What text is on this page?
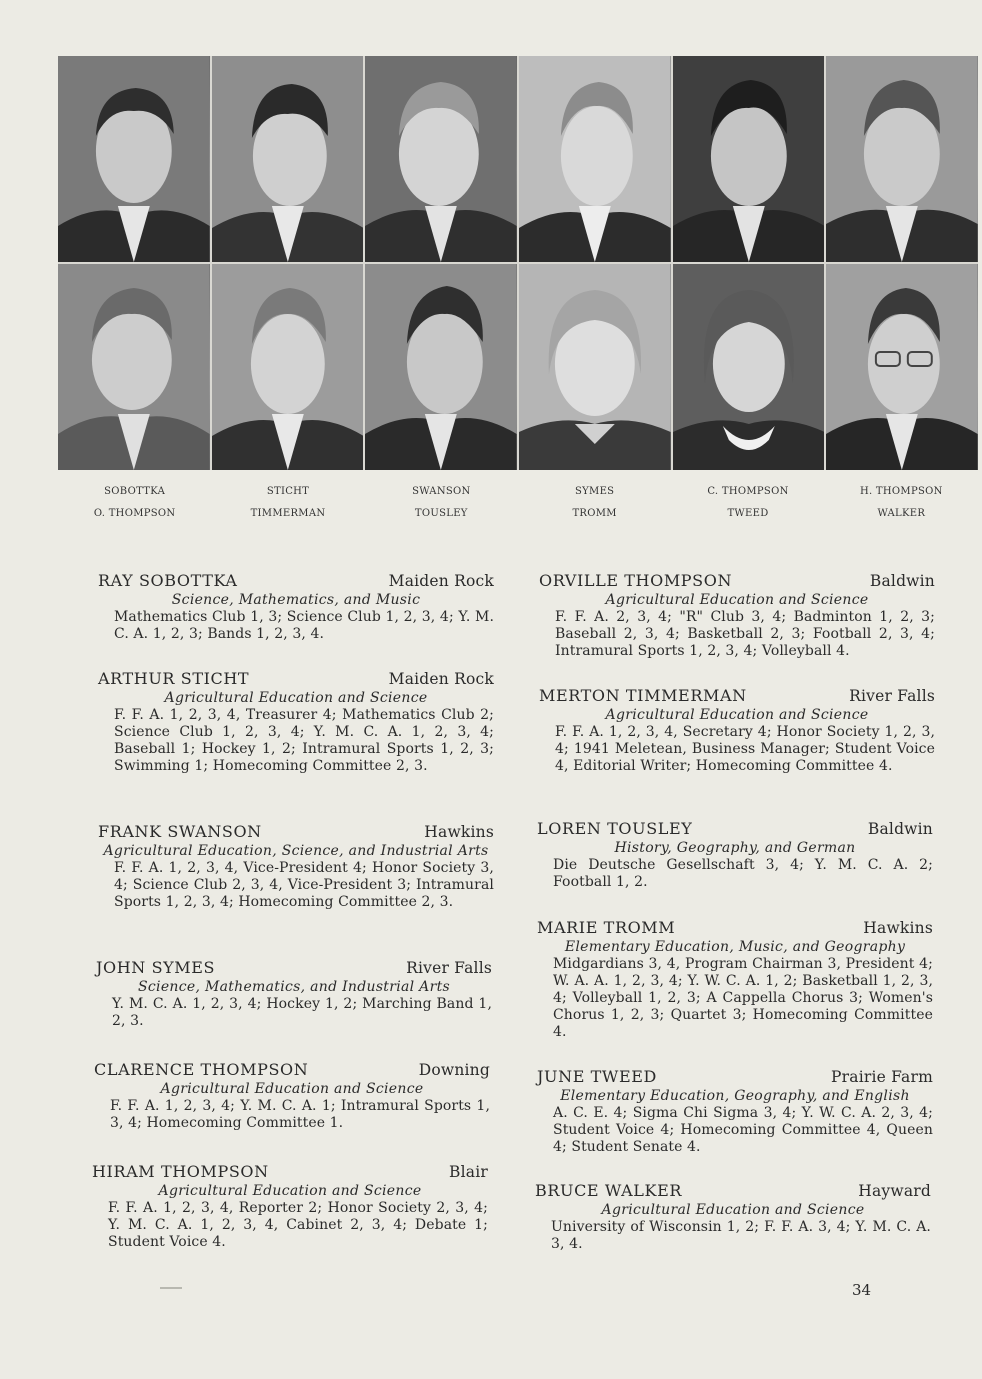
SOBOTTKA	STICHT	SWANSON	SYMES	C. THOMPSON	H. THOMPSON
O. THOMPSON	TIMMERMAN	TOUSLEY	TROMM	TWEED	WALKER
RAY SOBOTTKA	Maiden Rock
Science, Mathematics, and Music
Mathematics Club 1, 3; Science Club 1, 2, 3, 4; Y. M. C. A. 1, 2, 3; Bands 1, 2, 3, 4.
ARTHUR STICHT	Maiden Rock
Agricultural Education and Science
F. F. A. 1, 2, 3, 4, Treasurer 4; Mathematics Club 2; Science Club 1, 2, 3, 4; Y. M. C. A. 1, 2, 3, 4; Baseball 1; Hockey 1, 2; Intramural Sports 1, 2, 3; Swimming 1; Homecoming Committee 2, 3.
FRANK SWANSON	Hawkins
Agricultural Education, Science, and Industrial Arts
F. F. A. 1, 2, 3, 4, Vice-President 4; Honor Society 3, 4; Science Club 2, 3, 4, Vice-President 3; Intramural Sports 1, 2, 3, 4; Homecoming Committee 2, 3.
JOHN SYMES	River Falls
Science, Mathematics, and Industrial Arts
Y. M. C. A. 1, 2, 3, 4; Hockey 1, 2; Marching Band 1, 2, 3.
CLARENCE THOMPSON	Downing
Agricultural Education and Science
F. F. A. 1, 2, 3, 4; Y. M. C. A. 1; Intramural Sports 1, 3, 4; Homecoming Committee 1.
HIRAM THOMPSON	Blair
Agricultural Education and Science
F. F. A. 1, 2, 3, 4, Reporter 2; Honor Society 2, 3, 4; Y. M. C. A. 1, 2, 3, 4, Cabinet 2, 3, 4; Debate 1; Student Voice 4.
ORVILLE THOMPSON	Baldwin
Agricultural Education and Science
F. F. A. 2, 3, 4; "R" Club 3, 4; Badminton 1, 2, 3; Baseball 2, 3, 4; Basketball 2, 3; Football 2, 3, 4; Intramural Sports 1, 2, 3, 4; Volleyball 4.
MERTON TIMMERMAN	River Falls
Agricultural Education and Science
F. F. A. 1, 2, 3, 4, Secretary 4; Honor Society 1, 2, 3, 4; 1941 Meletean, Business Manager; Student Voice 4, Editorial Writer; Homecoming Committee 4.
LOREN TOUSLEY	Baldwin
History, Geography, and German
Die Deutsche Gesellschaft 3, 4; Y. M. C. A. 2; Football 1, 2.
MARIE TROMM	Hawkins
Elementary Education, Music, and Geography
Midgardians 3, 4, Program Chairman 3, President 4; W. A. A. 1, 2, 3, 4; Y. W. C. A. 1, 2; Basketball 1, 2, 3, 4; Volleyball 1, 2, 3; A Cappella Chorus 3; Women's Chorus 1, 2, 3; Quartet 3; Homecoming Committee 4.
JUNE TWEED	Prairie Farm
Elementary Education, Geography, and English
A. C. E. 4; Sigma Chi Sigma 3, 4; Y. W. C. A. 2, 3, 4; Student Voice 4; Homecoming Committee 4, Queen 4; Student Senate 4.
BRUCE WALKER	Hayward
Agricultural Education and Science
University of Wisconsin 1, 2; F. F. A. 3, 4; Y. M. C. A. 3, 4.
34
